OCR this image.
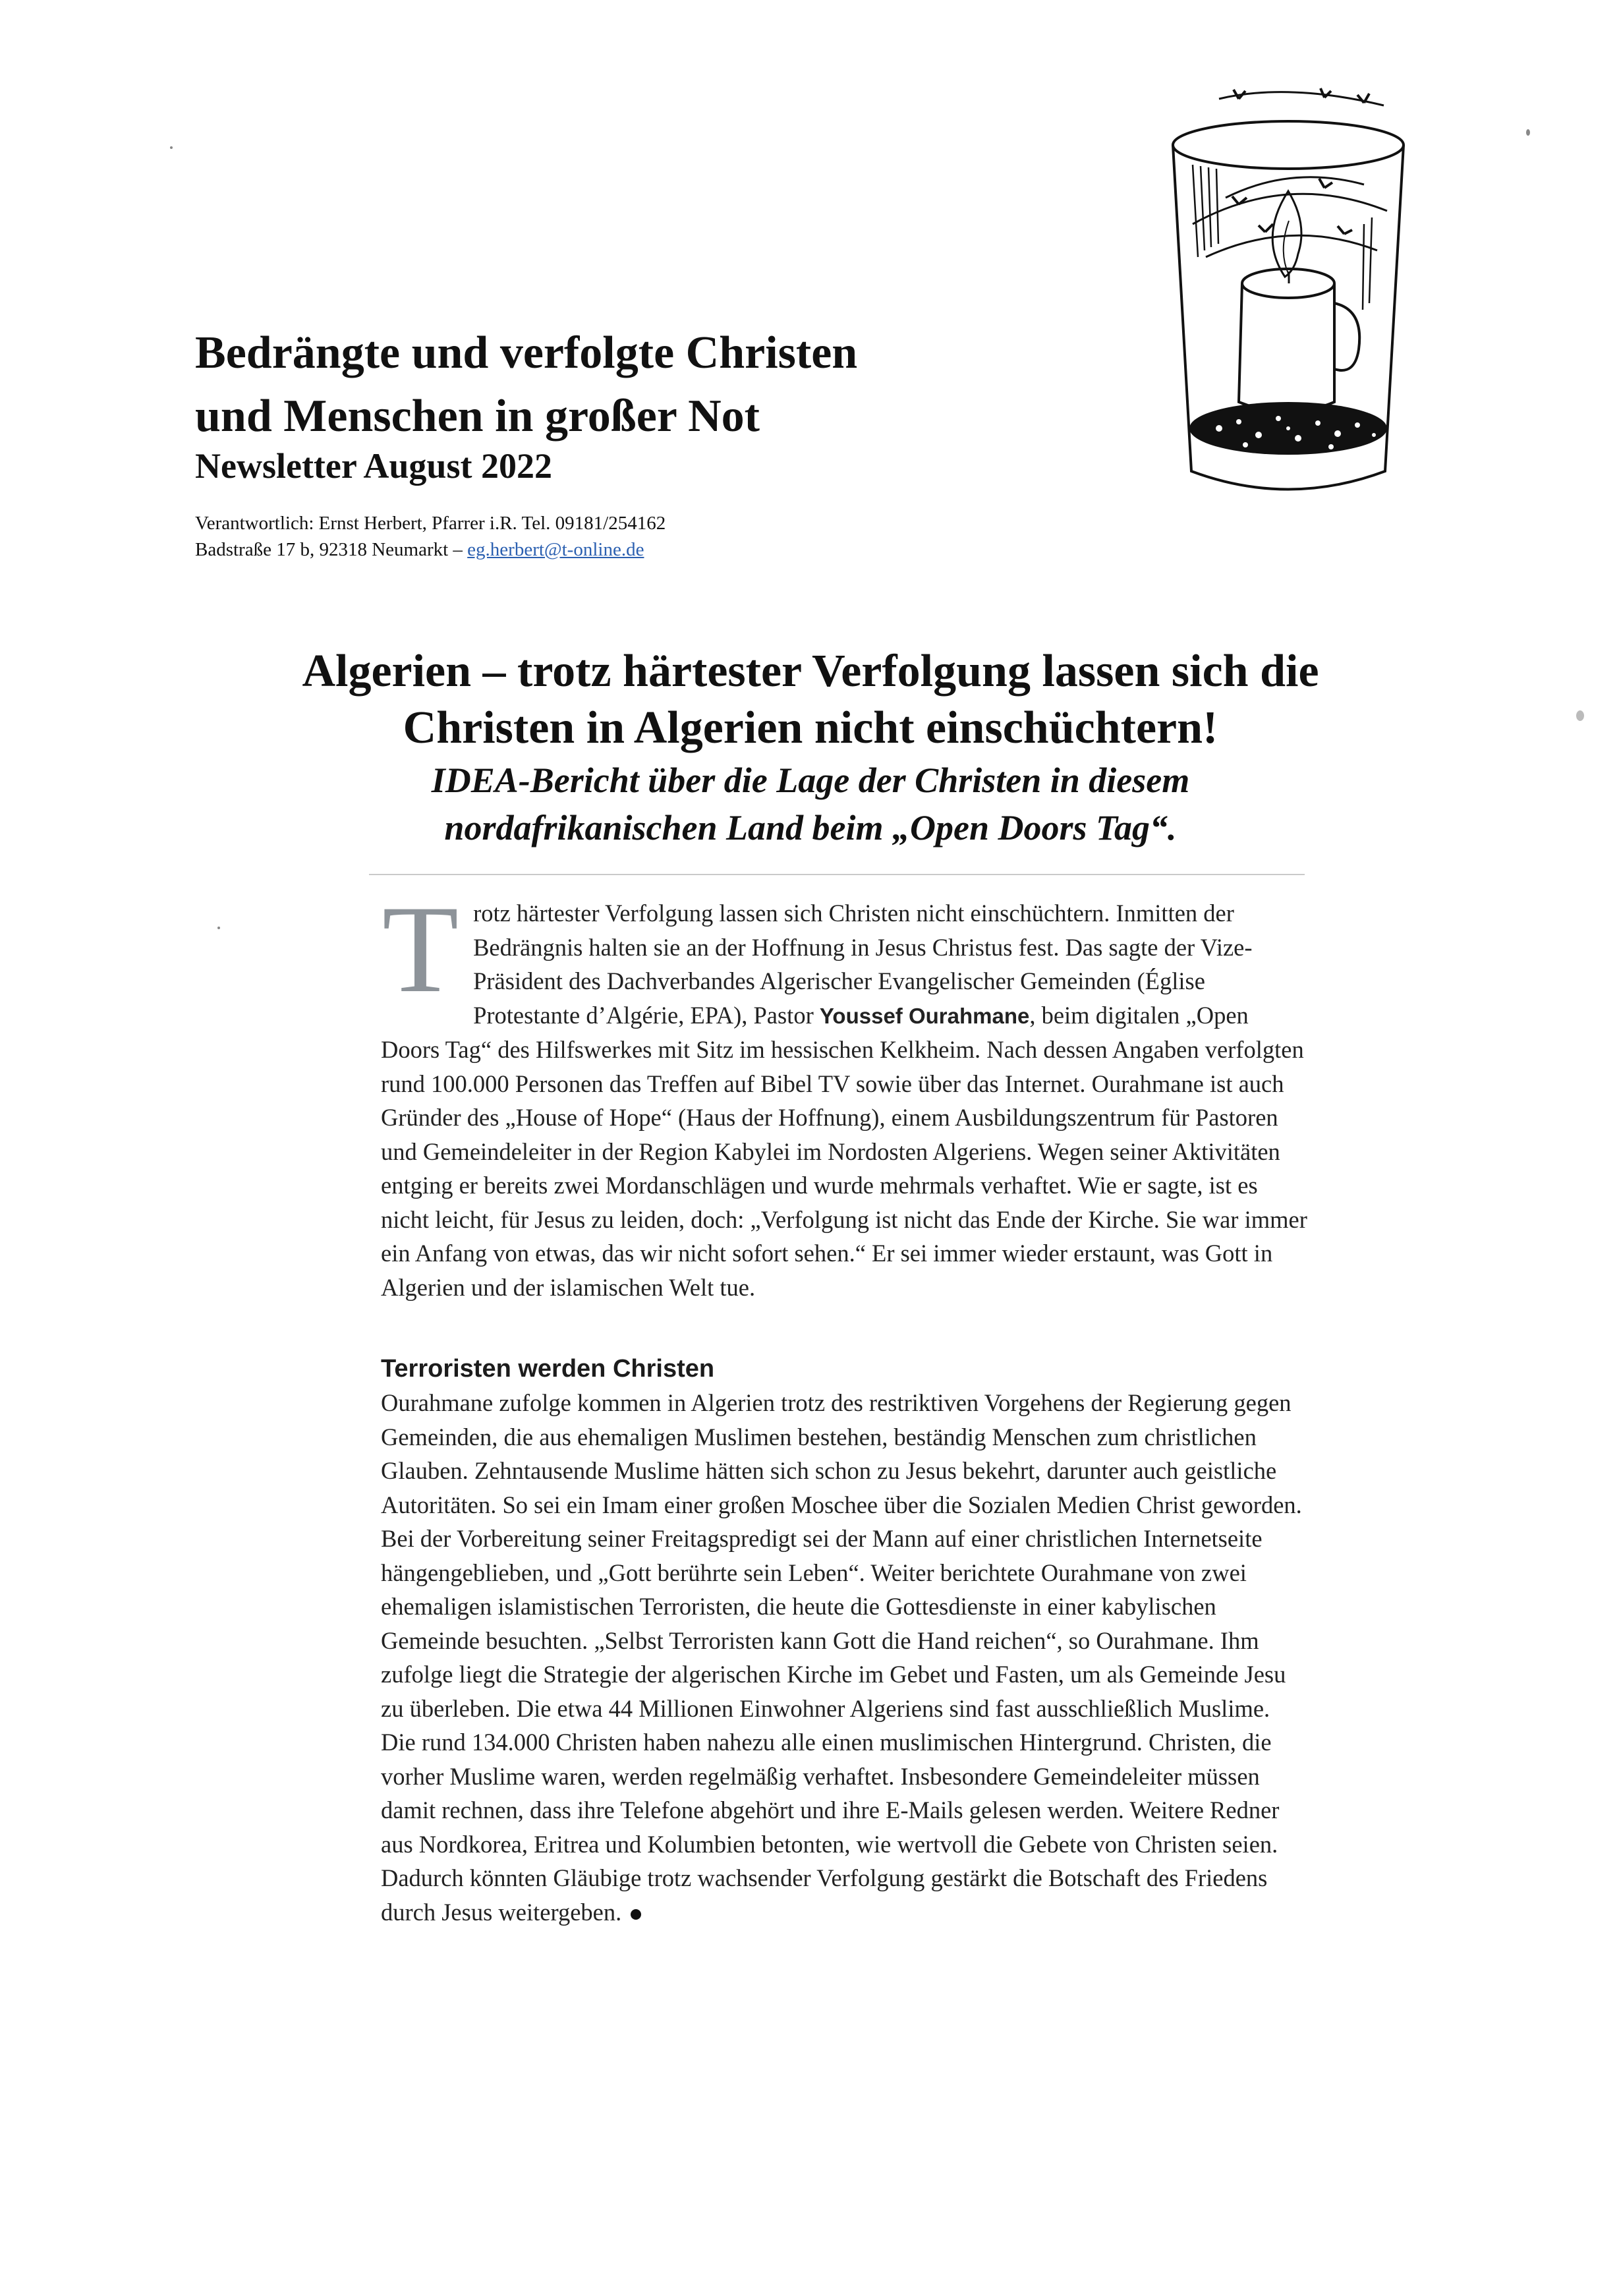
Bedrängte und verfolgte Christen
und Menschen in großer Not
Newsletter August 2022
Verantwortlich: Ernst Herbert, Pfarrer i.R. Tel. 09181/254162
Badstraße 17 b, 92318 Neumarkt – eg.herbert@t-online.de
Algerien – trotz härtester Verfolgung lassen sich die
Christen in Algerien nicht einschüchtern!
IDEA-Bericht über die Lage der Christen in diesem
nordafrikanischen Land beim „Open Doors Tag“.

Trotz härtester Verfolgung lassen sich Christen nicht einschüchtern. Inmitten der Bedrängnis halten sie an der Hoffnung in Jesus Christus fest. Das sagte der Vize-Präsident des Dachverbandes Algerischer Evangelischer Gemeinden (Église Protestante d’Algérie, EPA), Pastor Youssef Ourahmane, beim digitalen „Open Doors Tag“ des Hilfswerkes mit Sitz im hessischen Kelkheim. Nach dessen Angaben verfolgten rund 100.000 Personen das Treffen auf Bibel TV sowie über das Internet. Ourahmane ist auch Gründer des „House of Hope“ (Haus der Hoffnung), einem Ausbildungszentrum für Pastoren und Gemeindeleiter in der Region Kabylei im Nordosten Algeriens. Wegen seiner Aktivitäten entging er bereits zwei Mordanschlägen und wurde mehrmals verhaftet. Wie er sagte, ist es nicht leicht, für Jesus zu leiden, doch: „Verfolgung ist nicht das Ende der Kirche. Sie war immer ein Anfang von etwas, das wir nicht sofort sehen.“ Er sei immer wieder erstaunt, was Gott in Algerien und der islamischen Welt tue.

Terroristen werden Christen

Ourahmane zufolge kommen in Algerien trotz des restriktiven Vorgehens der Regierung gegen Gemeinden, die aus ehemaligen Muslimen bestehen, beständig Menschen zum christlichen Glauben. Zehntausende Muslime hätten sich schon zu Jesus bekehrt, darunter auch geistliche Autoritäten. So sei ein Imam einer großen Moschee über die Sozialen Medien Christ geworden. Bei der Vorbereitung seiner Freitagspredigt sei der Mann auf einer christlichen Internetseite hängengeblieben, und „Gott berührte sein Leben“. Weiter berichtete Ourahmane von zwei ehemaligen islamistischen Terroristen, die heute die Gottesdienste in einer kabylischen Gemeinde besuchten. „Selbst Terroristen kann Gott die Hand reichen“, so Ourahmane. Ihm zufolge liegt die Strategie der algerischen Kirche im Gebet und Fasten, um als Gemeinde Jesu zu überleben. Die etwa 44 Millionen Einwohner Algeriens sind fast ausschließlich Muslime. Die rund 134.000 Christen haben nahezu alle einen muslimischen Hintergrund. Christen, die vorher Muslime waren, werden regelmäßig verhaftet. Insbesondere Gemeindeleiter müssen damit rechnen, dass ihre Telefone abgehört und ihre E-Mails gelesen werden. Weitere Redner aus Nordkorea, Eritrea und Kolumbien betonten, wie wertvoll die Gebete von Christen seien. Dadurch könnten Gläubige trotz wachsender Verfolgung gestärkt die Botschaft des Friedens durch Jesus weitergeben.
